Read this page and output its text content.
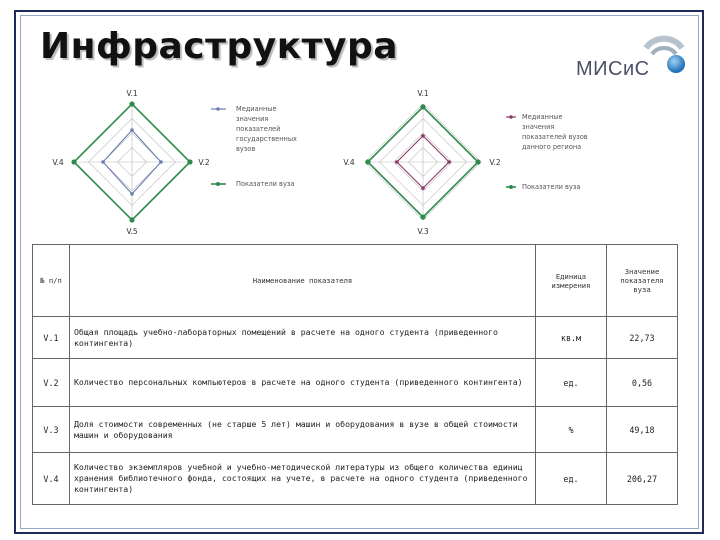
Инфраструктура
МИСиС
V.1
V.2
V.5
V.4
Медианные
значения
показателей
государственных
вузов
Показатели вуза
V.1
V.2
V.3
V.4
Медианные
значения
показателей вузов
данного региона
Показатели вуза
№ п/п	Наименование показателя	Единица измерения	Значение показателя вуза
V.1	Общая площадь учебно-лабораторных помещений в расчете на одного студента (приведенного контингента)	кв.м	22,73
V.2	Количество персональных компьютеров в расчете на одного студента (приведенного контингента)	ед.	0,56
V.3	Доля стоимости современных (не старше 5 лет) машин и оборудования в вузе в общей стоимости машин и оборудования	%	49,18
V.4	Количество экземпляров учебной и учебно-методической литературы из общего количества единиц хранения библиотечного фонда, состоящих на учете, в расчете на одного студента (приведенного контингента)	ед.	206,27
